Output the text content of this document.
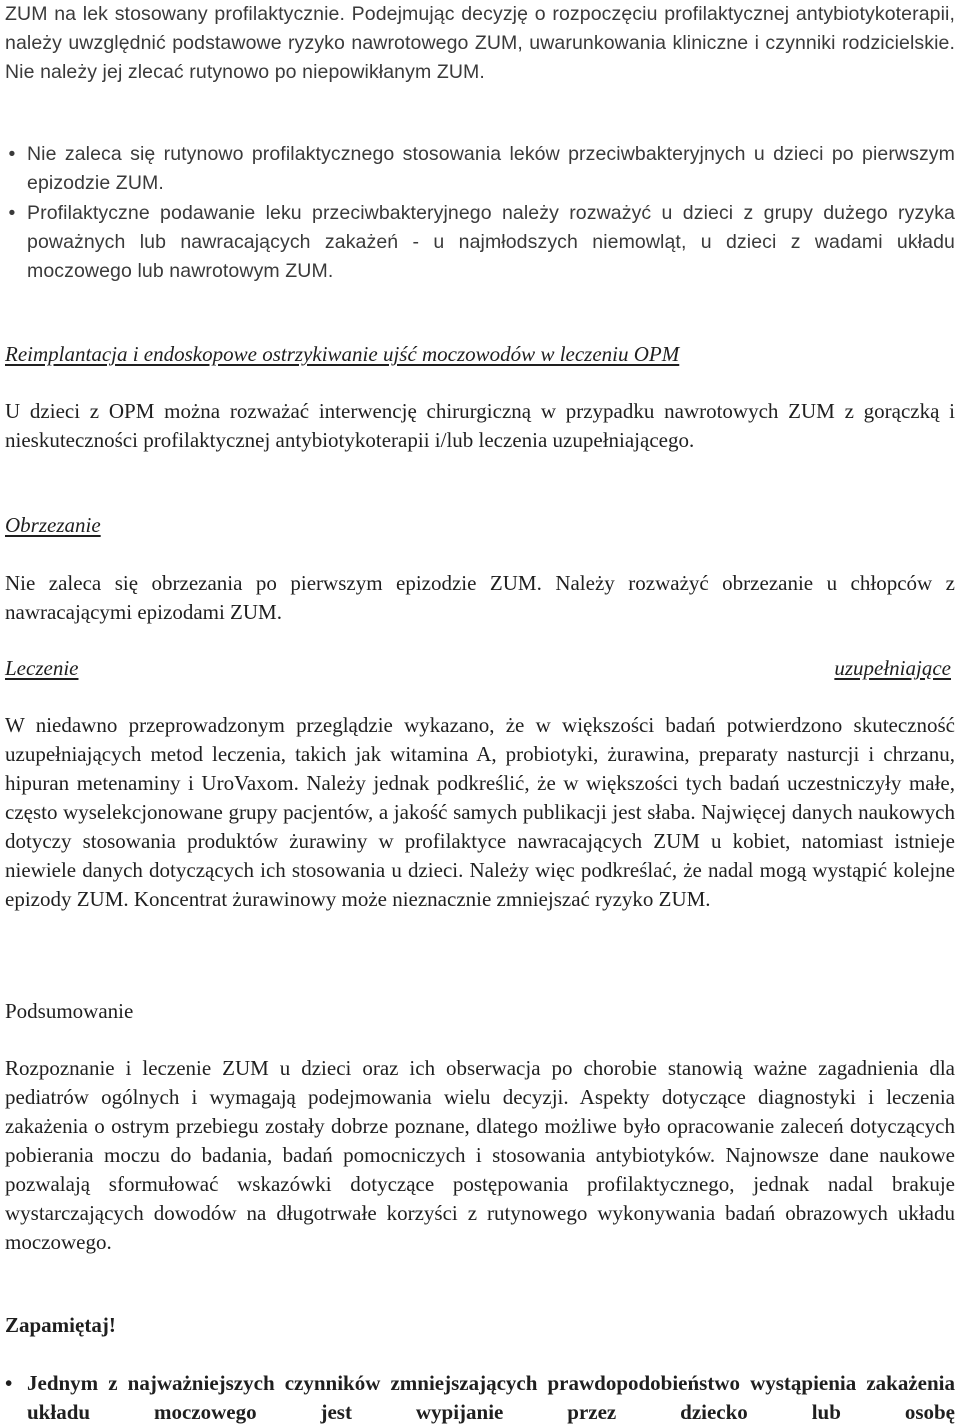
ZUM na lek stosowany profilaktycznie. Podejmując decyzję o rozpoczęciu profilaktycznej antybiotykoterapii, należy uwzględnić podstawowe ryzyko nawrotowego ZUM, uwarunkowania kliniczne i czynniki rodzicielskie. Nie należy jej zlecać rutynowo po niepowikłanym ZUM.

• Nie zaleca się rutynowo profilaktycznego stosowania leków przeciwbakteryjnych u dzieci po pierwszym epizodzie ZUM.

• Profilaktyczne podawanie leku przeciwbakteryjnego należy rozważyć u dzieci z grupy dużego ryzyka poważnych lub nawracających zakażeń - u najmłodszych niemowląt, u dzieci z wadami układu moczowego lub nawrotowym ZUM.

Reimplantacja i endoskopowe ostrzykiwanie ujść moczowodów w leczeniu OPM

U dzieci z OPM można rozważać interwencję chirurgiczną w przypadku nawrotowych ZUM z gorączką i nieskuteczności profilaktycznej antybiotykoterapii i/lub leczenia uzupełniającego.

Obrzezanie

Nie zaleca się obrzezania po pierwszym epizodzie ZUM. Należy rozważyć obrzezanie u chłopców z nawracającymi epizodami ZUM.

Leczenie	uzupełniające

W niedawno przeprowadzonym przeglądzie wykazano, że w większości badań potwierdzono skuteczność uzupełniających metod leczenia, takich jak witamina A, probiotyki, żurawina, preparaty nasturcji i chrzanu, hipuran metenaminy i UroVaxom. Należy jednak podkreślić, że w większości tych badań uczestniczyły małe, często wyselekcjonowane grupy pacjentów, a jakość samych publikacji jest słaba. Najwięcej danych naukowych dotyczy stosowania produktów żurawiny w profilaktyce nawracających ZUM u kobiet, natomiast istnieje niewiele danych dotyczących ich stosowania u dzieci. Należy więc podkreślać, że nadal mogą wystąpić kolejne epizody ZUM. Koncentrat żurawinowy może nieznacznie zmniejszać ryzyko ZUM.

Podsumowanie

Rozpoznanie i leczenie ZUM u dzieci oraz ich obserwacja po chorobie stanowią ważne zagadnienia dla pediatrów ogólnych i wymagają podejmowania wielu decyzji. Aspekty dotyczące diagnostyki i leczenia zakażenia o ostrym przebiegu zostały dobrze poznane, dlatego możliwe było opracowanie zaleceń dotyczących pobierania moczu do badania, badań pomocniczych i stosowania antybiotyków. Najnowsze dane naukowe pozwalają sformułować wskazówki dotyczące postępowania profilaktycznego, jednak nadal brakuje wystarczających dowodów na długotrwałe korzyści z rutynowego wykonywania badań obrazowych układu moczowego.

Zapamiętaj!

• Jednym z najważniejszych czynników zmniejszających prawdopodobieństwo wystąpienia zakażenia układu moczowego jest wypijanie przez dziecko lub osobę
